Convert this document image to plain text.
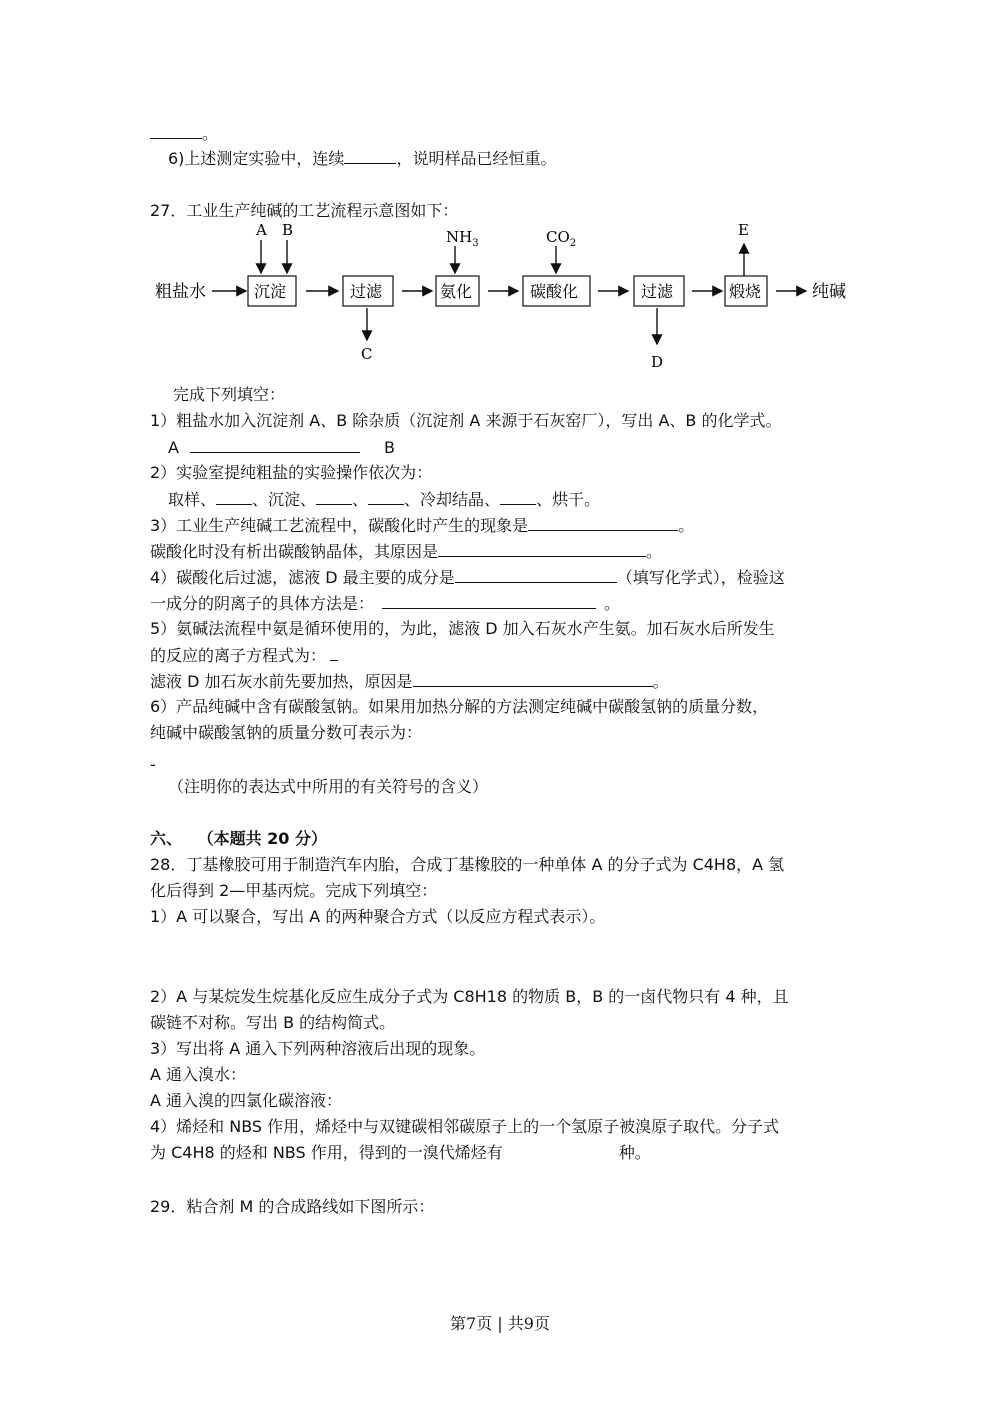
。
6)上述测定实验中，连续	，说明样品已经恒重。
27．工业生产纯碱的工艺流程示意图如下：
A B	$NH_3$	$CO_2$
E
粗盐水	沉淀	过滤	氨化	碳酸化	过滤	煅烧	纯碱
C	D
完成下列填空：
1）粗盐水加入沉淀剂 A、B 除杂质（沉淀剂 A 来源于石灰窑厂），写出 A、B 的化学式。
A	B
2）实验室提纯粗盐的实验操作依次为：
取样、 、沉淀、 、 、冷却结晶、 、烘干。
3）工业生产纯碱工艺流程中，碳酸化时产生的现象是	。
碳酸化时没有析出碳酸钠晶体，其原因是	。
4）碳酸化后过滤，滤液 D 最主要的成分是	（填写化学式），检验这
一成分的阴离子的具体方法是：	。
5）氨碱法流程中氨是循环使用的，为此，滤液 D 加入石灰水产生氨。加石灰水后所发生
的反应的离子方程式为：
滤液 D 加石灰水前先要加热，原因是	。
6）产品纯碱中含有碳酸氢钠。如果用加热分解的方法测定纯碱中碳酸氢钠的质量分数，
纯碱中碳酸氢钠的质量分数可表示为：
-
（注明你的表达式中所用的有关符号的含义）
六、 （本题共 20 分）
28．丁基橡胶可用于制造汽车内胎，合成丁基橡胶的一种单体 A 的分子式为 C4H8，A 氢
化后得到 2—甲基丙烷。完成下列填空：
1）A 可以聚合，写出 A 的两种聚合方式（以反应方程式表示）。
2）A 与某烷发生烷基化反应生成分子式为 C8H18 的物质 B，B 的一卤代物只有 4 种，且
碳链不对称。写出 B 的结构简式。
3）写出将 A 通入下列两种溶液后出现的现象。
A 通入溴水：
A 通入溴的四氯化碳溶液：
4）烯烃和 NBS 作用，烯烃中与双键碳相邻碳原子上的一个氢原子被溴原子取代。分子式
为 C4H8 的烃和 NBS 作用，得到的一溴代烯烃有	种。
29．粘合剂 M 的合成路线如下图所示：
第7页 | 共9页
